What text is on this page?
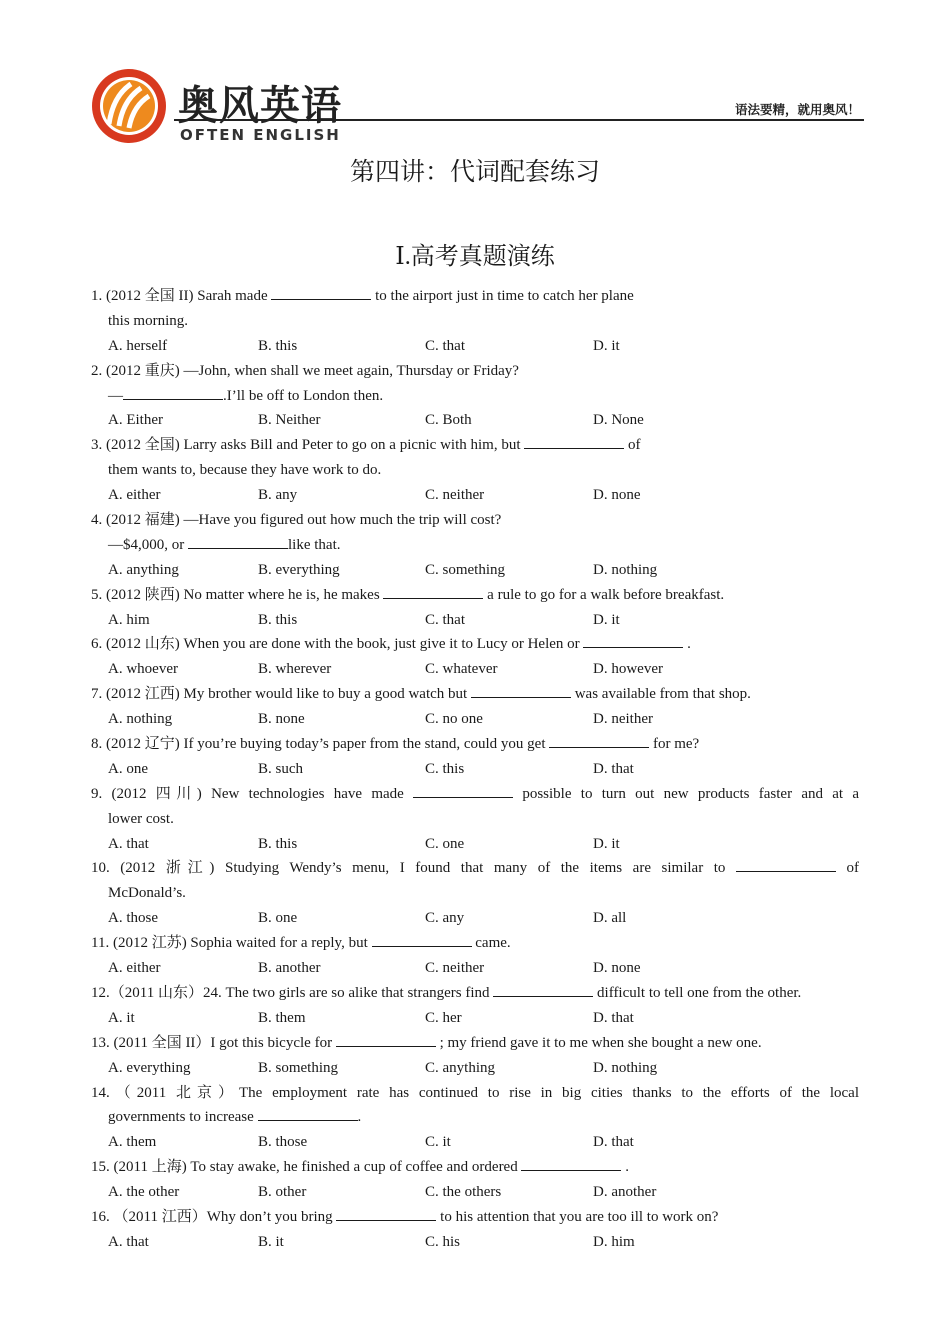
奥风英语
OFTEN ENGLISH
语法要精，就用奥风！
第四讲：代词配套练习
Ⅰ.高考真题演练
1. (2012 全国 II) Sarah made	to the airport just in time to catch her plane
this morning.
A. herself	B. this	C. that	D. it
2. (2012 重庆) —John, when shall we meet again, Thursday or Friday?
—	.I’ll be off to London then.
A. Either	B. Neither	C. Both	D. None
3. (2012 全国) Larry asks Bill and Peter to go on a picnic with him, but	of
them wants to, because they have work to do.
A. either	B. any	C. neither	D. none
4. (2012 福建) —Have you figured out how much the trip will cost?
—$4,000, or	like that.
A. anything	B. everything	C. something	D. nothing
5. (2012 陕西) No matter where he is, he makes	a rule to go for a walk before breakfast.
A. him	B. this	C. that	D. it
6. (2012 山东) When you are done with the book, just give it to Lucy or Helen or	.
A. whoever	B. wherever	C. whatever	D. however
7. (2012 江西) My brother would like to buy a good watch but	was available from that shop.
A. nothing	B. none	C. no one	D. neither
8. (2012 辽宁) If you’re buying today’s paper from the stand, could you get	for me?
A. one	B. such	C. this	D. that
9. (2012 四川) New technologies have made	possible to turn out new products faster and at a
lower cost.
A. that	B. this	C. one	D. it
10. (2012 浙江) Studying Wendy’s menu, I found that many of the items are similar to	of
McDonald’s.
A. those	B. one	C. any	D. all
11. (2012 江苏) Sophia waited for a reply, but	came.
A. either	B. another	C. neither	D. none
12.（2011 山东）24. The two girls are so alike that strangers find	difficult to tell one from the other.
A. it	B. them	C. her	D. that
13. (2011 全国 II）I got this bicycle for	; my friend gave it to me when she bought a new one.
A. everything	B. something	C. anything	D. nothing
14.（2011 北京）The employment rate has continued to rise in big cities thanks to the efforts of the local
governments to increase	.
A. them	B. those	C. it	D. that
15. (2011 上海) To stay awake, he finished a cup of coffee and ordered	.
A. the other	B. other	C. the others	D. another
16. （2011 江西）Why don’t you bring	to his attention that you are too ill to work on?
A. that	B. it	C. his	D. him
